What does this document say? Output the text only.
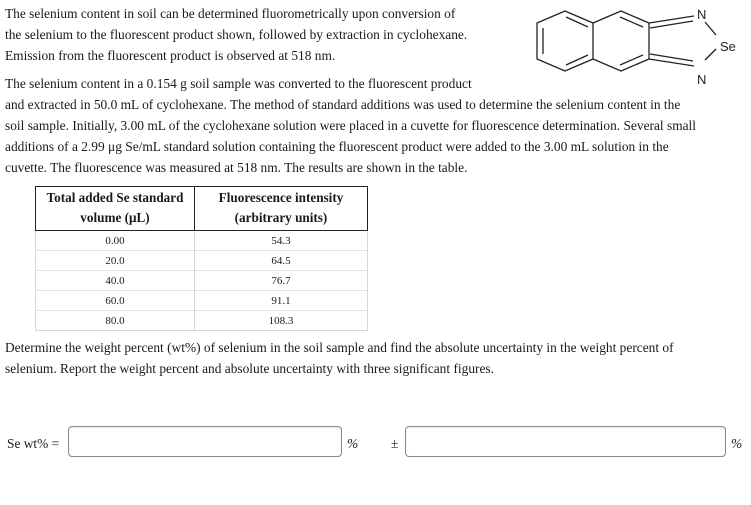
The selenium content in soil can be determined fluorometrically upon conversion of
the selenium to the fluorescent product shown, followed by extraction in cyclohexane.
Emission from the fluorescent product is observed at 518 nm.
N
Se
N
The selenium content in a 0.154 g soil sample was converted to the fluorescent product
and extracted in 50.0 mL of cyclohexane. The method of standard additions was used to determine the selenium content in the
soil sample. Initially, 3.00 mL of the cyclohexane solution were placed in a cuvette for fluorescence determination. Several small
additions of a 2.99 μg Se/mL standard solution containing the fluorescent product were added to the 3.00 mL solution in the
cuvette. The fluorescence was measured at 518 nm. The results are shown in the table.
Total added Se standard
volume (μL)	Fluorescence intensity
(arbitrary units)

0.00	54.3
20.0	64.5
40.0	76.7
60.0	91.1
80.0	108.3
Determine the weight percent (wt%) of selenium in the soil sample and find the absolute uncertainty in the weight percent of
selenium. Report the weight percent and absolute uncertainty with three significant figures.
Se wt% =	% ±	%
